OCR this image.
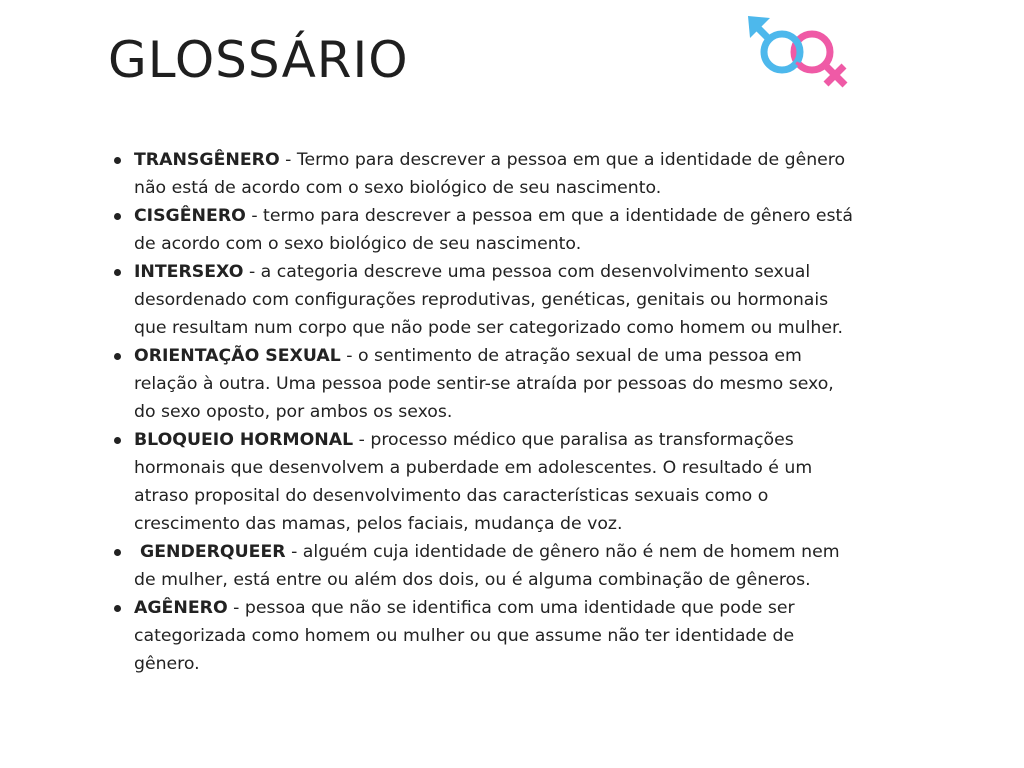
GLOSSÁRIO
TRANSGÊNERO - Termo para descrever a pessoa em que a identidade de gênero não está de acordo com o sexo biológico de seu nascimento.
CISGÊNERO - termo para descrever a pessoa em que a identidade de gênero está de acordo com o sexo biológico de seu nascimento.
INTERSEXO - a categoria descreve uma pessoa com desenvolvimento sexual desordenado com configurações reprodutivas, genéticas, genitais ou hormonais que resultam num corpo que não pode ser categorizado como homem ou mulher.
ORIENTAÇÃO SEXUAL - o sentimento de atração sexual de uma pessoa em relação à outra. Uma pessoa pode sentir-se atraída por pessoas do mesmo sexo, do sexo oposto, por ambos os sexos.
BLOQUEIO HORMONAL - processo médico que paralisa as transformações hormonais que desenvolvem a puberdade em adolescentes. O resultado é um atraso proposital do desenvolvimento das características sexuais como o crescimento das mamas, pelos faciais, mudança de voz.
GENDERQUEER - alguém cuja identidade de gênero não é nem de homem nem de mulher, está entre ou além dos dois, ou é alguma combinação de gêneros.
AGÊNERO - pessoa que não se identifica com uma identidade que pode ser categorizada como homem ou mulher ou que assume não ter identidade de gênero.
